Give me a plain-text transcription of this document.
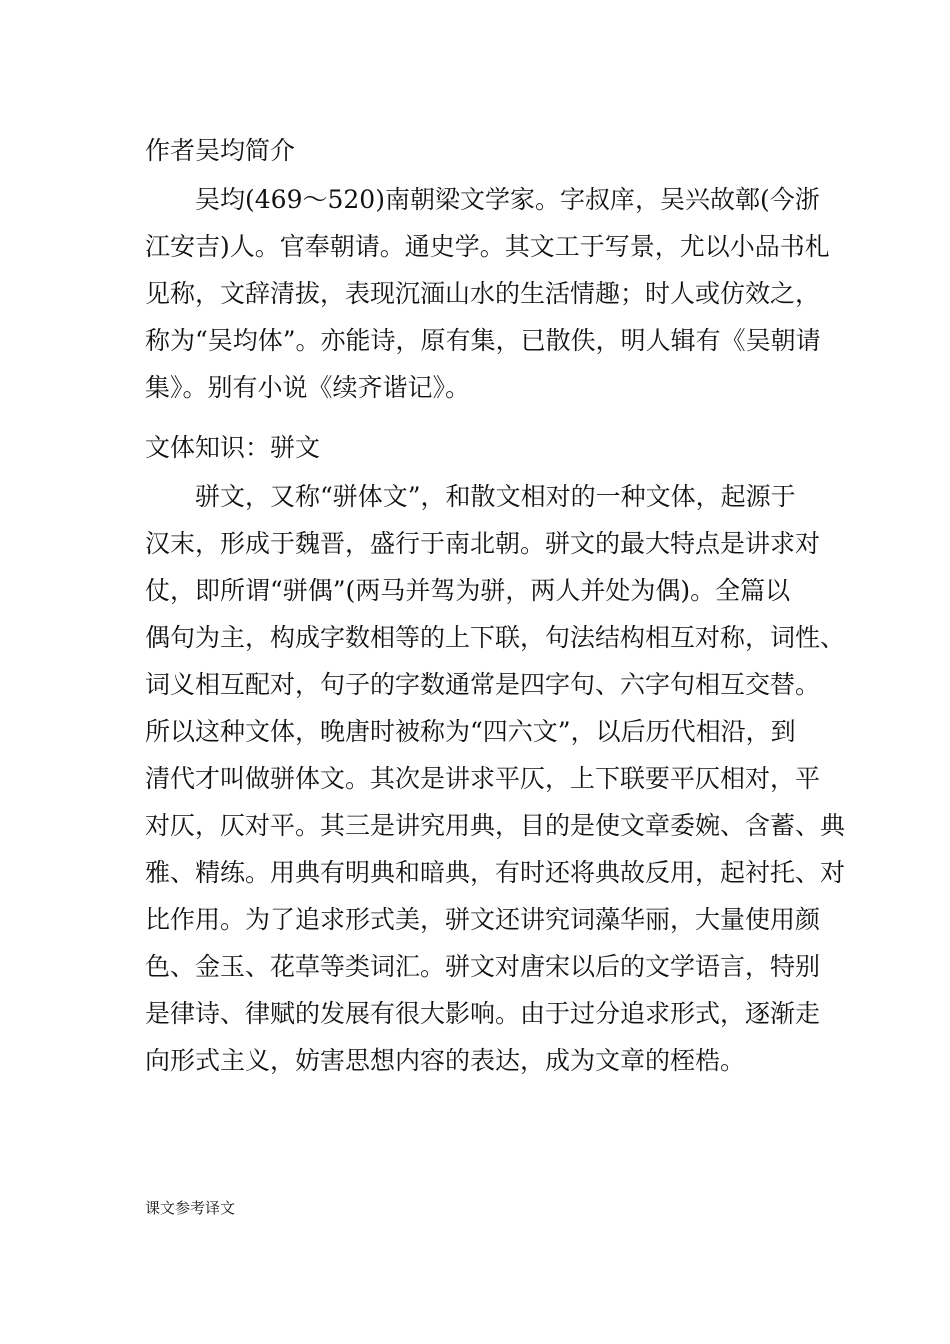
作者吴均简介
吴均(469～520)南朝梁文学家。字叔庠，吴兴故鄣(今浙
江安吉)人。官奉朝请。通史学。其文工于写景，尤以小品书札
见称，文辞清拔，表现沉湎山水的生活情趣；时人或仿效之，
称为“吴均体”。亦能诗，原有集，已散佚，明人辑有《吴朝请
集》。别有小说《续齐谐记》。
文体知识：骈文
骈文，又称“骈体文”，和散文相对的一种文体，起源于
汉末，形成于魏晋，盛行于南北朝。骈文的最大特点是讲求对
仗，即所谓“骈偶”(两马并驾为骈，两人并处为偶)。全篇以
偶句为主，构成字数相等的上下联，句法结构相互对称，词性、
词义相互配对，句子的字数通常是四字句、六字句相互交替。
所以这种文体，晚唐时被称为“四六文”，以后历代相沿，到
清代才叫做骈体文。其次是讲求平仄，上下联要平仄相对，平
对仄，仄对平。其三是讲究用典，目的是使文章委婉、含蓄、典
雅、精练。用典有明典和暗典，有时还将典故反用，起衬托、对
比作用。为了追求形式美，骈文还讲究词藻华丽，大量使用颜
色、金玉、花草等类词汇。骈文对唐宋以后的文学语言，特别
是律诗、律赋的发展有很大影响。由于过分追求形式，逐渐走
向形式主义，妨害思想内容的表达，成为文章的桎梏。
课文参考译文
